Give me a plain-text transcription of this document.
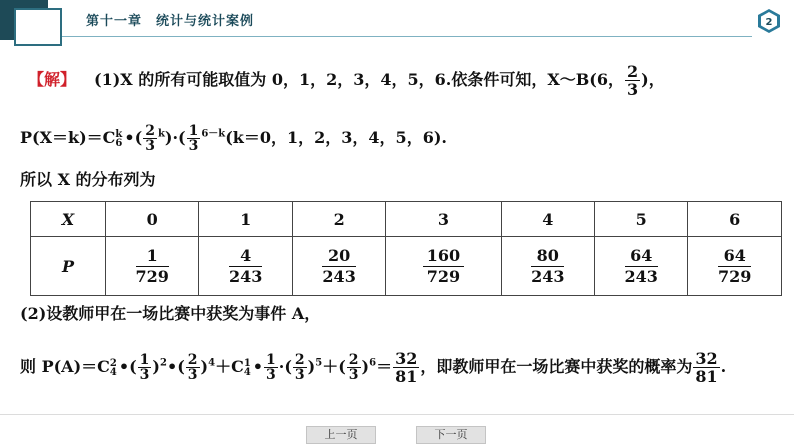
第十一章　统计与统计案例	2
【解】 (1)X 的所有可能取值为 0，1，2，3，4，5，6.依条件可知，X～B(6， $\frac{2}{3}$ )，
P(X＝k)＝C k
6 •( $\frac{2}{3} ^k)\cdot( \frac{1}{3} ^{6-k}(k=0$，1，2，3，4，5，6).
所以 X 的分布列为
X	0	1	2	3	4	5	6
P	$\frac{1}{729}$	$\frac{4}{243}$	$\frac{20}{243}$	$\frac{160}{729}$	$\frac{80}{243}$	$\frac{64}{243}$	$\frac{64}{729}$
(2)设教师甲在一场比赛中获奖为事件 A，
则 P(A)＝C 2
4 •( $\frac{1}{3}$ )$^2$•( $\frac{2}{3} )^4+C$ 1
4 • $\frac{1}{3}$ ·( $\frac{2}{3} )^5+( \frac{2}{3} )^6= \frac{32}{81}$ ，即教师甲在一场比赛中获奖的概率为 $\frac{32}{81}$ .
上一页	下一页
